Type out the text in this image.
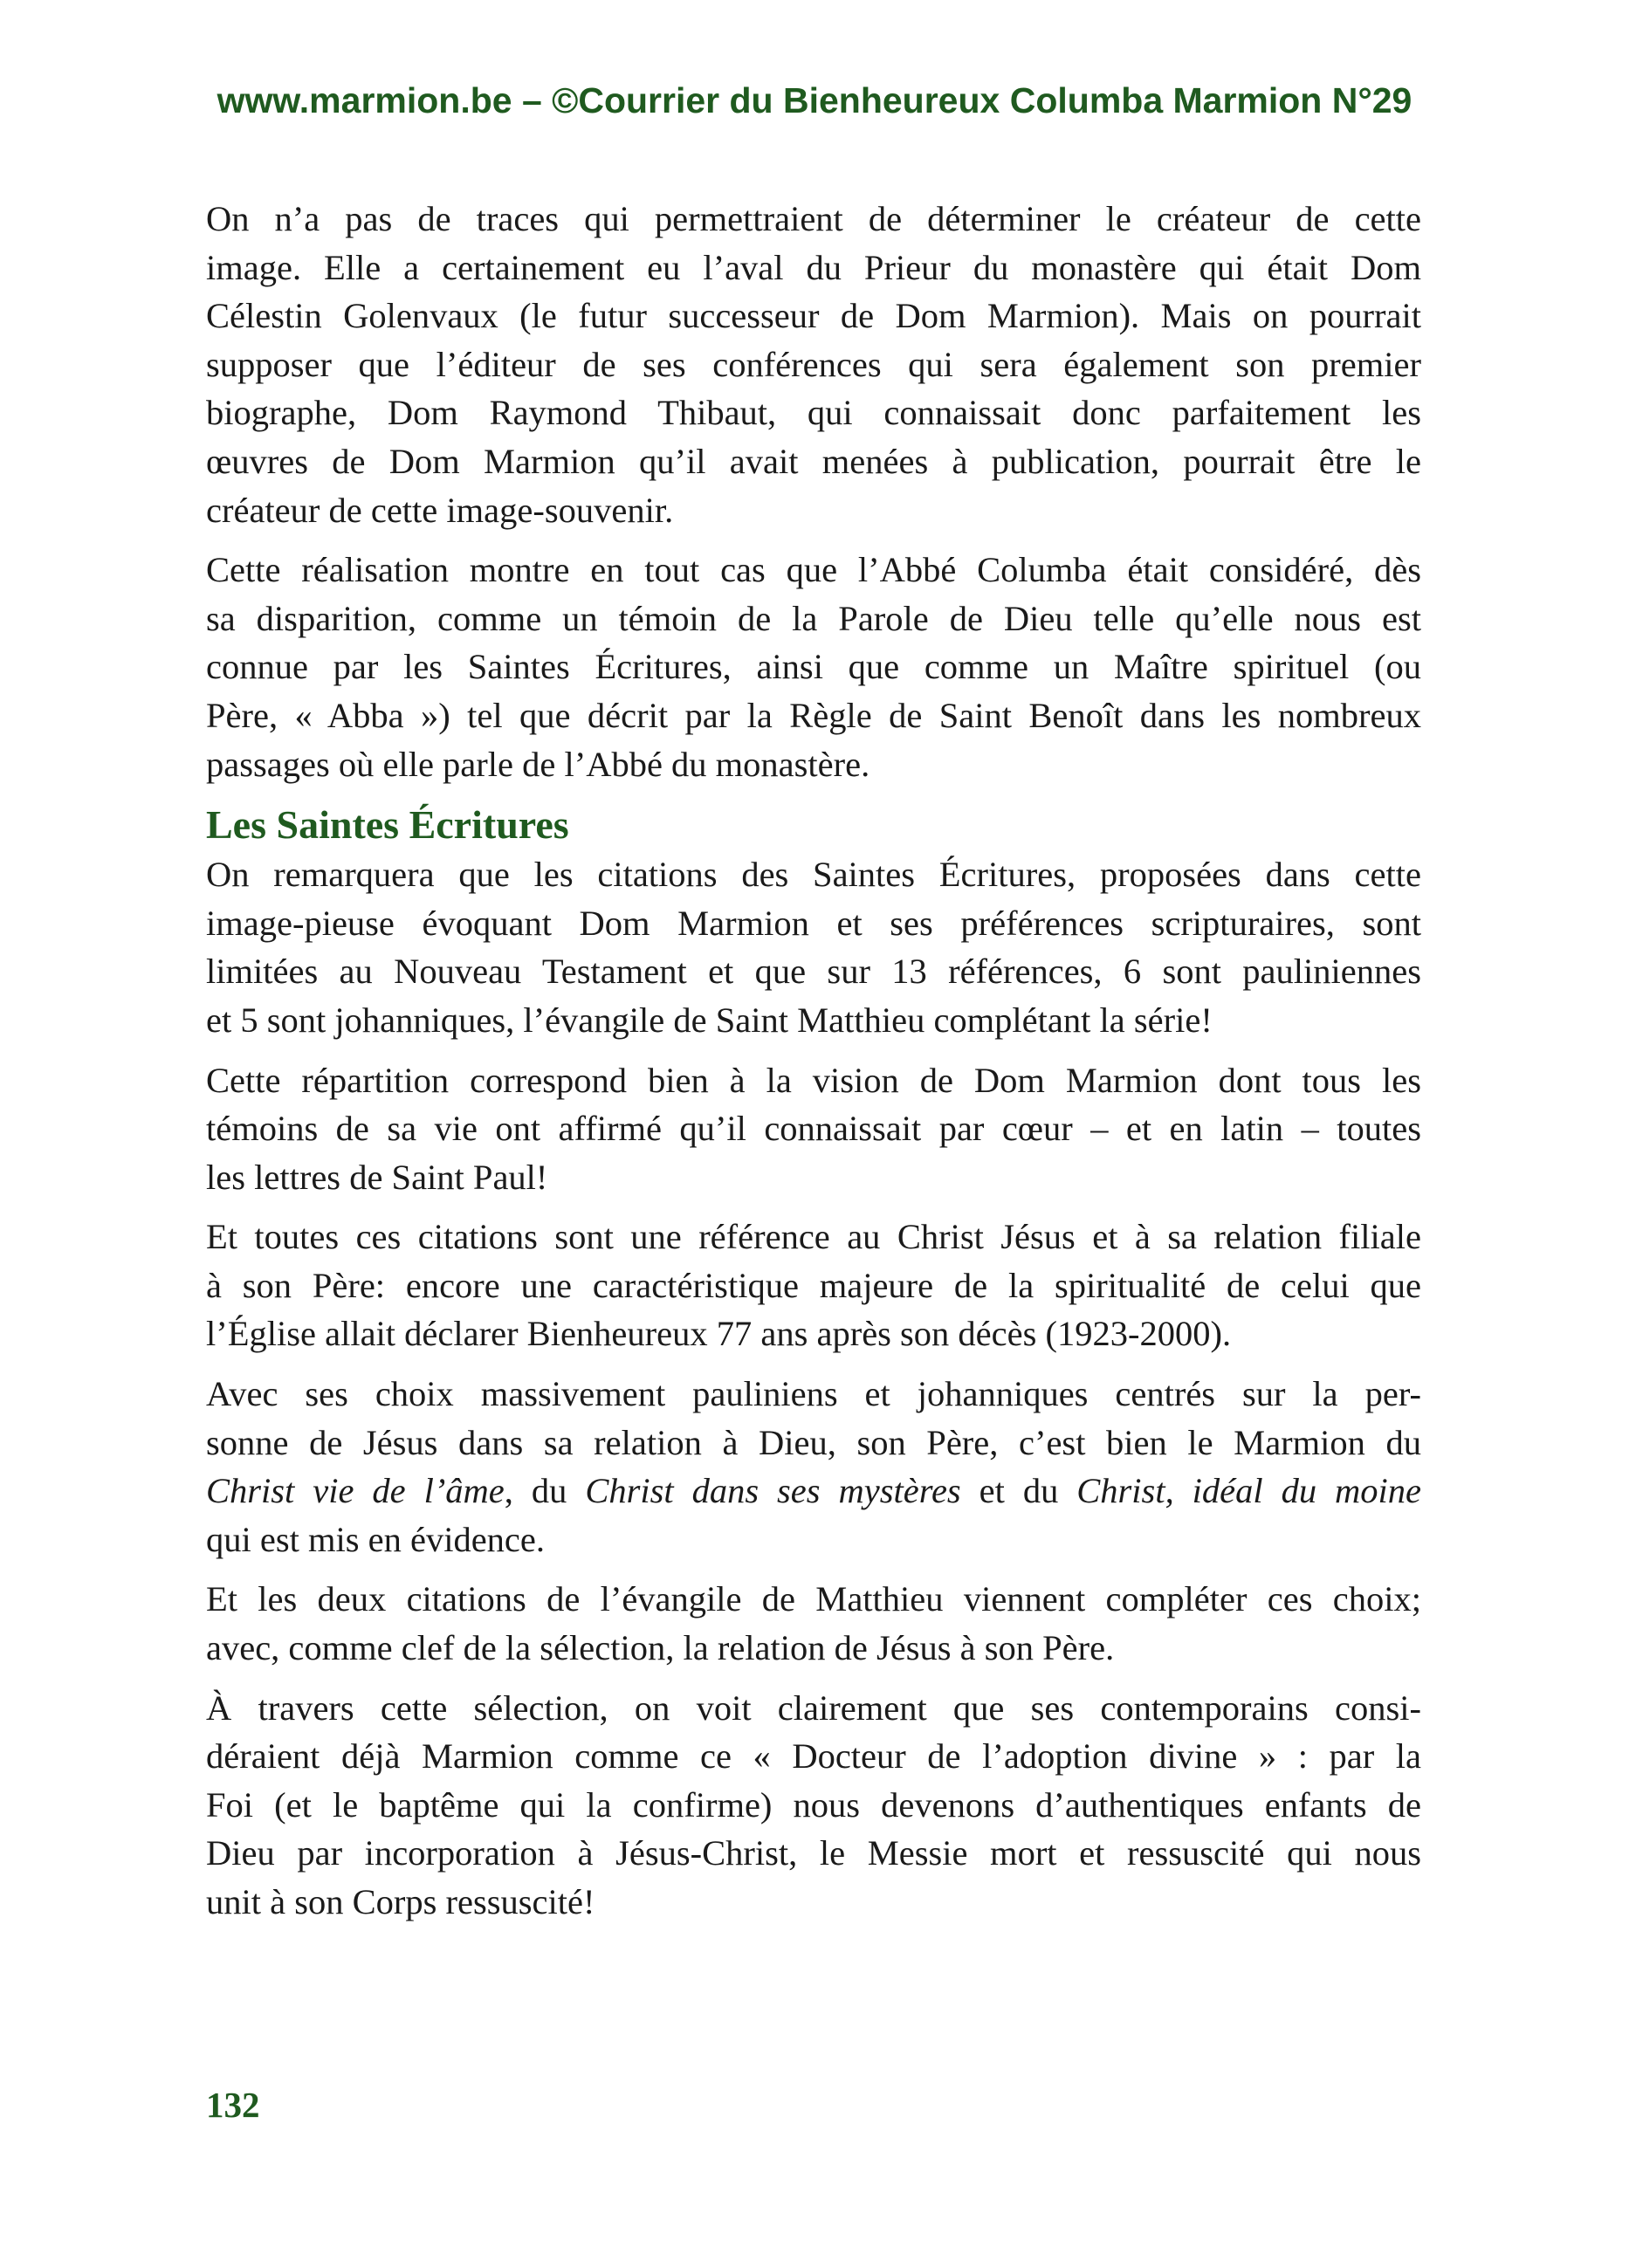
www.marmion.be – ©Courrier du Bienheureux Columba Marmion N°29

On n’a pas de traces qui permettraient de déterminer le créateur de cette
image. Elle a certainement eu l’aval du Prieur du monastère qui était Dom
Célestin Golenvaux (le futur successeur de Dom Marmion). Mais on pourrait
supposer que l’éditeur de ses conférences qui sera également son premier
biographe, Dom Raymond Thibaut, qui connaissait donc parfaitement les
œuvres de Dom Marmion qu’il avait menées à publication, pourrait être le
créateur de cette image-souvenir.

Cette réalisation montre en tout cas que l’Abbé Columba était considéré, dès
sa disparition, comme un témoin de la Parole de Dieu telle qu’elle nous est
connue par les Saintes Écritures, ainsi que comme un Maître spirituel (ou
Père, « Abba ») tel que décrit par la Règle de Saint Benoît dans les nombreux
passages où elle parle de l’Abbé du monastère.

Les Saintes Écritures

On remarquera que les citations des Saintes Écritures, proposées dans cette
image-pieuse évoquant Dom Marmion et ses préférences scripturaires, sont
limitées au Nouveau Testament et que sur 13 références, 6 sont pauliniennes
et 5 sont johanniques, l’évangile de Saint Matthieu complétant la série!

Cette répartition correspond bien à la vision de Dom Marmion dont tous les
témoins de sa vie ont affirmé qu’il connaissait par cœur – et en latin – toutes
les lettres de Saint Paul!

Et toutes ces citations sont une référence au Christ Jésus et à sa relation filiale
à son Père: encore une caractéristique majeure de la spiritualité de celui que
l’Église allait déclarer Bienheureux 77 ans après son décès (1923-2000).

Avec ses choix massivement pauliniens et johanniques centrés sur la per-
sonne de Jésus dans sa relation à Dieu, son Père, c’est bien le Marmion du
Christ vie de l’âme, du Christ dans ses mystères et du Christ, idéal du moine
qui est mis en évidence.

Et les deux citations de l’évangile de Matthieu viennent compléter ces choix;
avec, comme clef de la sélection, la relation de Jésus à son Père.

À travers cette sélection, on voit clairement que ses contemporains consi-
déraient déjà Marmion comme ce « Docteur de l’adoption divine » : par la
Foi (et le baptême qui la confirme) nous devenons d’authentiques enfants de
Dieu par incorporation à Jésus-Christ, le Messie mort et ressuscité qui nous
unit à son Corps ressuscité!

132
